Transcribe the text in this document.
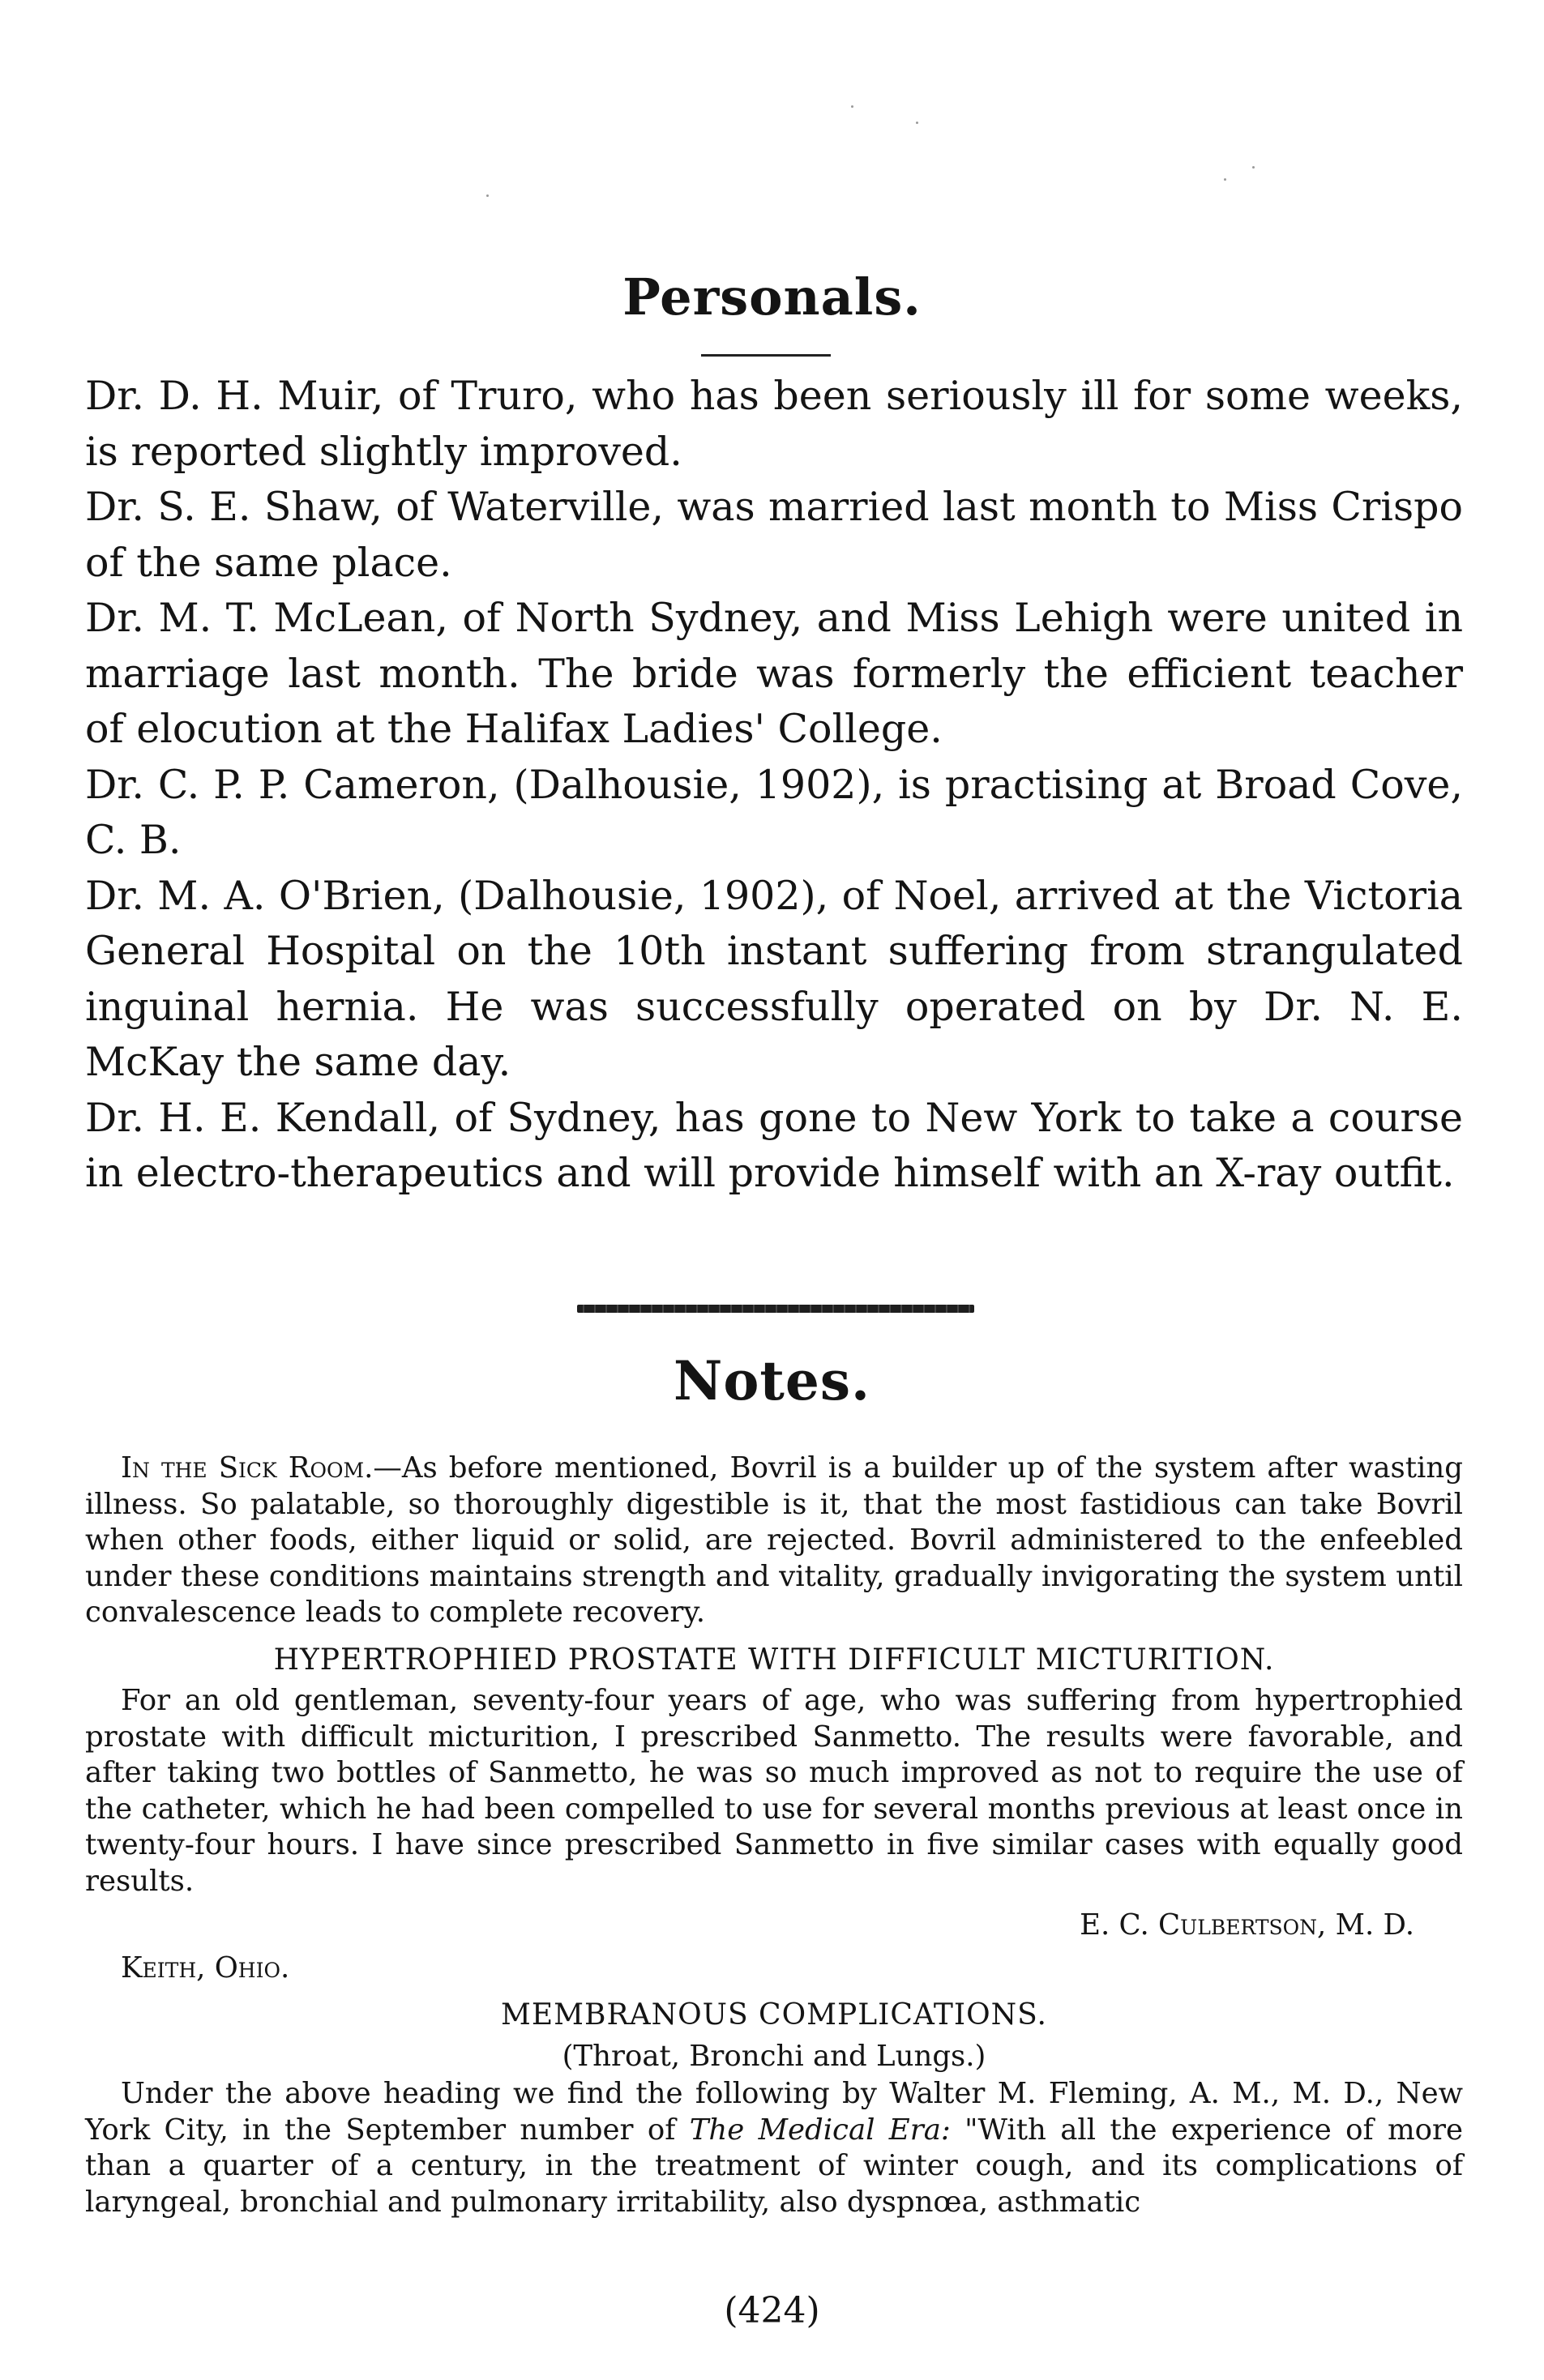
Personals.

Dr. D. H. Muir, of Truro, who has been seriously ill for some weeks, is reported slightly improved.

Dr. S. E. Shaw, of Waterville, was married last month to Miss Crispo of the same place.

Dr. M. T. McLean, of North Sydney, and Miss Lehigh were united in marriage last month. The bride was formerly the efficient teacher of elocution at the Halifax Ladies' College.

Dr. C. P. P. Cameron, (Dalhousie, 1902), is practising at Broad Cove, C. B.

Dr. M. A. O'Brien, (Dalhousie, 1902), of Noel, arrived at the Victoria General Hospital on the 10th instant suffering from strangulated inguinal hernia. He was successfully operated on by Dr. N. E. McKay the same day.

Dr. H. E. Kendall, of Sydney, has gone to New York to take a course in electro-therapeutics and will provide himself with an X-ray outfit.

Notes.

In the Sick Room.—As before mentioned, Bovril is a builder up of the system after wasting illness. So palatable, so thoroughly digestible is it, that the most fastidious can take Bovril when other foods, either liquid or solid, are rejected. Bovril administered to the enfeebled under these conditions maintains strength and vitality, gradually invigorating the system until convalescence leads to complete recovery.

HYPERTROPHIED PROSTATE WITH DIFFICULT MICTURITION.

For an old gentleman, seventy-four years of age, who was suffering from hypertrophied prostate with difficult micturition, I prescribed Sanmetto. The results were favorable, and after taking two bottles of Sanmetto, he was so much improved as not to require the use of the catheter, which he had been compelled to use for several months previous at least once in twenty-four hours. I have since prescribed Sanmetto in five similar cases with equally good results.

E. C. Culbertson, M. D.

Keith, Ohio.

MEMBRANOUS COMPLICATIONS.

(Throat, Bronchi and Lungs.)

Under the above heading we find the following by Walter M. Fleming, A. M., M. D., New York City, in the September number of The Medical Era: "With all the experience of more than a quarter of a century, in the treatment of winter cough, and its complications of laryngeal, bronchial and pulmonary irritability, also dyspnœa, asthmatic

(424)
